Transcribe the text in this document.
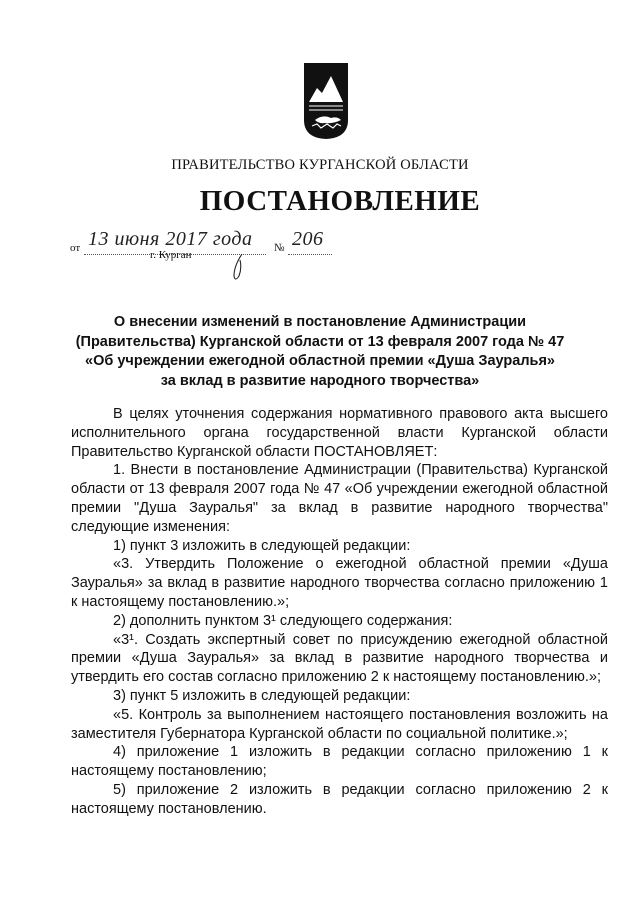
ПРАВИТЕЛЬСТВО КУРГАНСКОЙ ОБЛАСТИ
ПОСТАНОВЛЕНИЕ
от 13 июня 2017 года № 206
г. Курган
О внесении изменений в постановление Администрации
(Правительства) Курганской области от 13 февраля 2007 года № 47
«Об учреждении ежегодной областной премии «Душа Зауралья»
за вклад в развитие народного творчества»

В целях уточнения содержания нормативного правового акта высшего исполнительного органа государственной власти Курганской области Правительство Курганской области ПОСТАНОВЛЯЕТ:

1. Внести в постановление Администрации (Правительства) Курганской области от 13 февраля 2007 года № 47 «Об учреждении ежегодной областной премии "Душа Зауралья" за вклад в развитие народного творчества" следующие изменения:

1) пункт 3 изложить в следующей редакции:

«3. Утвердить Положение о ежегодной областной премии «Душа Зауралья» за вклад в развитие народного творчества согласно приложению 1 к настоящему постановлению.»;

2) дополнить пунктом 3¹ следующего содержания:

«3¹. Создать экспертный совет по присуждению ежегодной областной премии «Душа Зауралья» за вклад в развитие народного творчества и утвердить его состав согласно приложению 2 к настоящему постановлению.»;

3) пункт 5 изложить в следующей редакции:

«5. Контроль за выполнением настоящего постановления возложить на заместителя Губернатора Курганской области по социальной политике.»;

4) приложение 1 изложить в редакции согласно приложению 1 к настоящему постановлению;

5) приложение 2 изложить в редакции согласно приложению 2 к настоящему постановлению.
